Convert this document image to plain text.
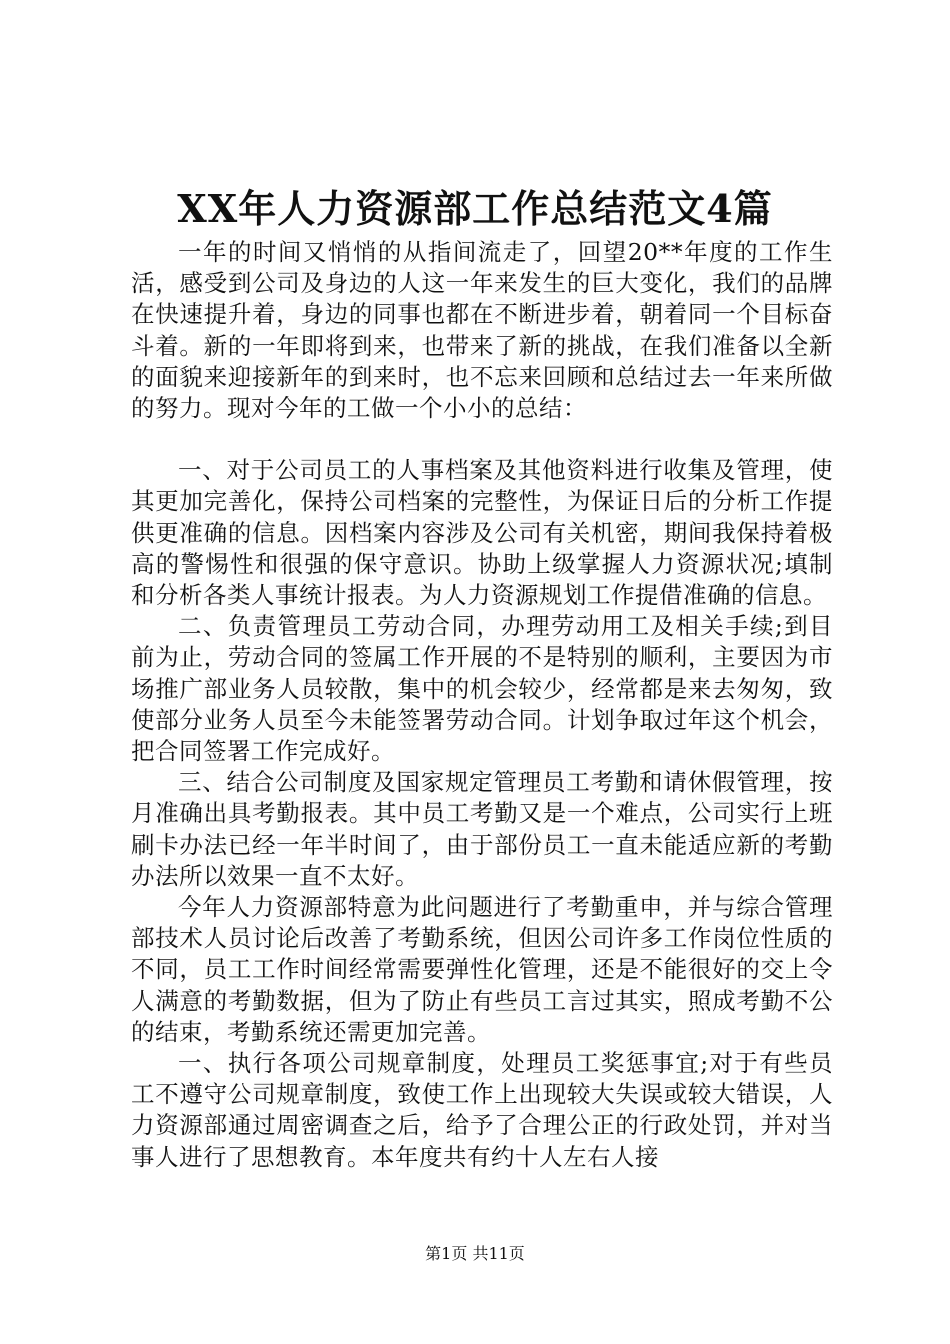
XX年人力资源部工作总结范文4篇

一年的时间又悄悄的从指间流走了，回望20**年度的工作生活，感受到公司及身边的人这一年来发生的巨大变化，我们的品牌在快速提升着，身边的同事也都在不断进步着，朝着同一个目标奋斗着。新的一年即将到来，也带来了新的挑战，在我们准备以全新的面貌来迎接新年的到来时，也不忘来回顾和总结过去一年来所做的努力。现对今年的工做一个小小的总结：

一、对于公司员工的人事档案及其他资料进行收集及管理，使其更加完善化，保持公司档案的完整性，为保证日后的分析工作提供更准确的信息。因档案内容涉及公司有关机密，期间我保持着极高的警惕性和很强的保守意识。协助上级掌握人力资源状况;填制和分析各类人事统计报表。为人力资源规划工作提借准确的信息。

二、负责管理员工劳动合同，办理劳动用工及相关手续;到目前为止，劳动合同的签属工作开展的不是特别的顺利，主要因为市场推广部业务人员较散，集中的机会较少，经常都是来去匆匆，致使部分业务人员至今未能签署劳动合同。计划争取过年这个机会，把合同签署工作完成好。

三、结合公司制度及国家规定管理员工考勤和请休假管理，按月准确出具考勤报表。其中员工考勤又是一个难点，公司实行上班刷卡办法已经一年半时间了，由于部份员工一直未能适应新的考勤办法所以效果一直不太好。

今年人力资源部特意为此问题进行了考勤重申，并与综合管理部技术人员讨论后改善了考勤系统，但因公司许多工作岗位性质的不同，员工工作时间经常需要弹性化管理，还是不能很好的交上令人满意的考勤数据，但为了防止有些员工言过其实，照成考勤不公的结束，考勤系统还需更加完善。

一、执行各项公司规章制度，处理员工奖惩事宜;对于有些员工不遵守公司规章制度，致使工作上出现较大失误或较大错误，人力资源部通过周密调查之后，给予了合理公正的行政处罚，并对当事人进行了思想教育。本年度共有约十人左右人接

第1页 共11页
